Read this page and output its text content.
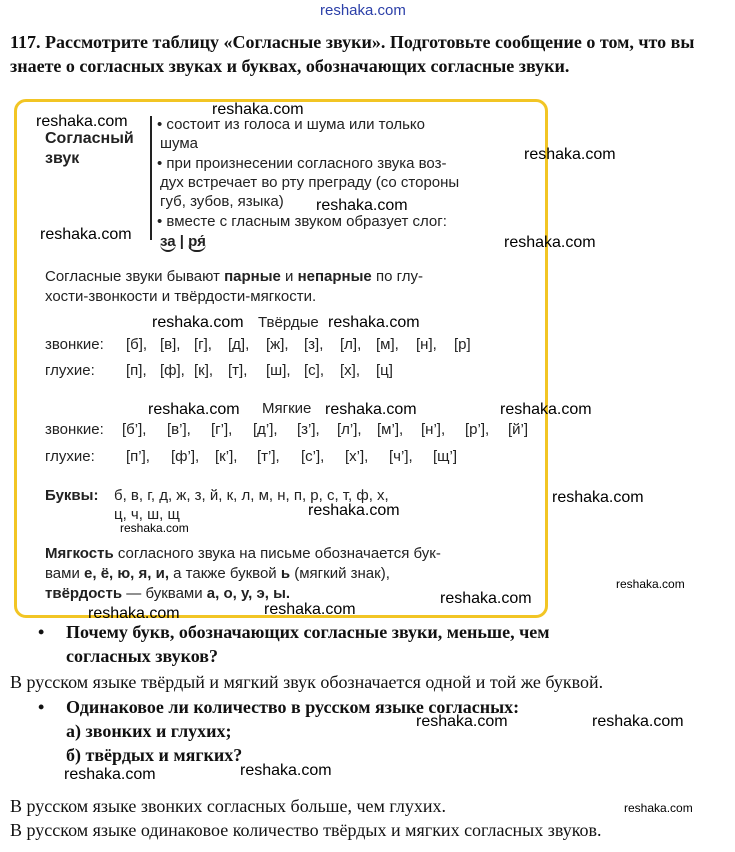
reshaka.com
117. Рассмотрите таблицу «Согласные звуки». Подготовьте сообщение о том, что вы знаете о согласных звуках и буквах, обозначающих согласные звуки.
Согласный
звук
• состоит из голоса и шума или только
шума
• при произнесении согласного звука воз-
дух встречает во рту преграду (со стороны
губ, зубов, языка)
• вместе с гласным звуком образует слог:
за | ря́
Согласные звуки бывают парные и непарные по глу-
хости-звонкости и твёрдости-мягкости.
Твёрдые
звонкие: [б], [в], [г], [д], [ж], [з], [л], [м], [н], [р]
глухие: [п], [ф], [к], [т], [ш], [с], [х], [ц]
Мягкие
звонкие: [б’], [в’], [г’], [д’], [з’], [л’], [м’], [н’], [р’], [й’]
глухие: [п’], [ф’], [к’], [т’], [с’], [х’], [ч’], [щ’]
Буквы: б, в, г, д, ж, з, й, к, л, м, н, п, р, с, т, ф, х,
ц, ч, ш, щ
Мягкость согласного звука на письме обозначается бук-
вами е, ё, ю, я, и, а также буквой ь (мягкий знак),
твёрдость — буквами а, о, у, э, ы.
• Почему букв, обозначающих согласные звуки, меньше, чем
согласных звуков?
В русском языке твёрдый и мягкий звук обозначается одной и той же буквой.
• Одинаковое ли количество в русском языке согласных:
а) звонких и глухих;
б) твёрдых и мягких?
В русском языке звонких согласных больше, чем глухих.
В русском языке одинаковое количество твёрдых и мягких согласных звуков.
reshaka.com
reshaka.com
reshaka.com
reshaka.com
reshaka.com	reshaka.com
reshaka.com	reshaka.com
reshaka.com	reshaka.com	reshaka.com
reshaka.com
reshaka.com
reshaka.com
reshaka.com
reshaka.com
reshaka.com
reshaka.com
reshaka.com	reshaka.com
reshaka.com
reshaka.com
reshaka.com
